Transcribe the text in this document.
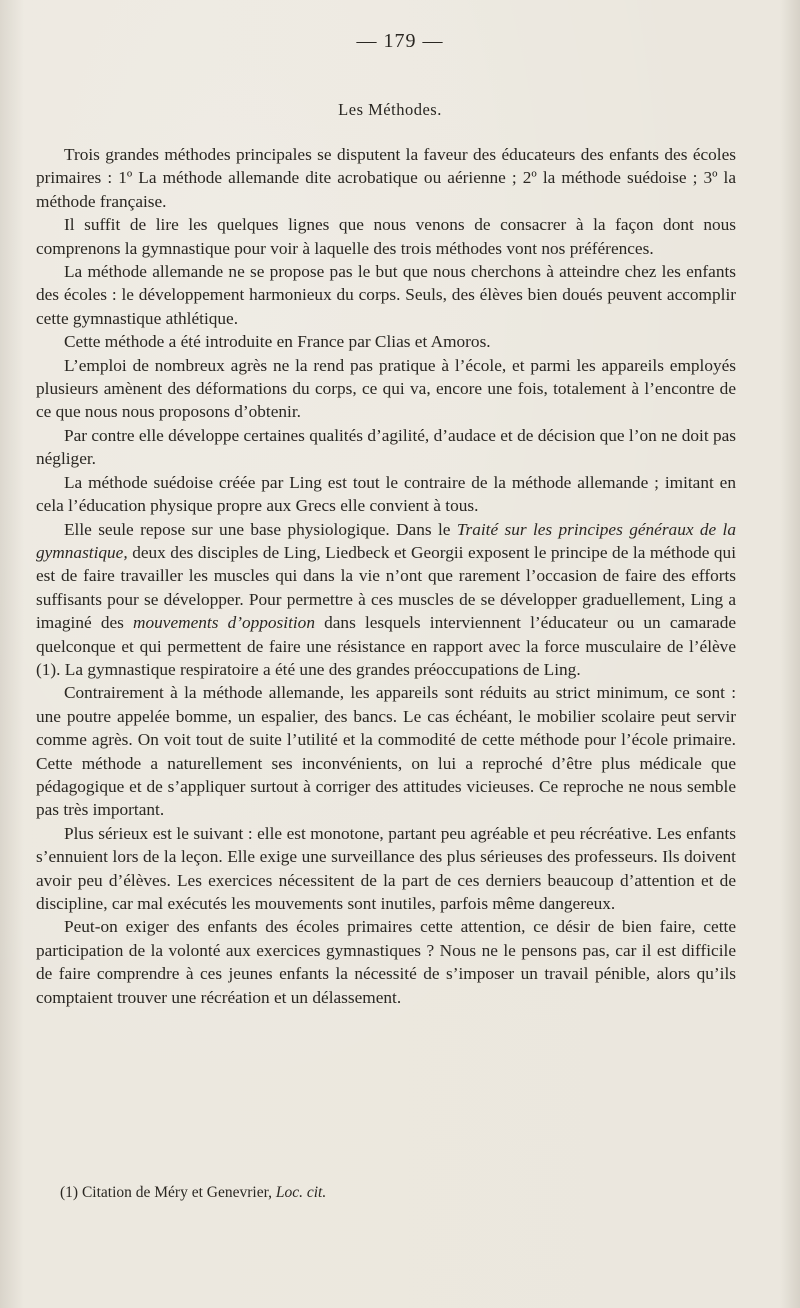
— 179 —
Les Méthodes.

Trois grandes méthodes principales se disputent la faveur des éducateurs des enfants des écoles primaires : 1º La méthode allemande dite acrobatique ou aérienne ; 2º la méthode suédoise ; 3º la méthode française.

Il suffit de lire les quelques lignes que nous venons de consacrer à la façon dont nous comprenons la gymnastique pour voir à laquelle des trois méthodes vont nos préférences.

La méthode allemande ne se propose pas le but que nous cherchons à atteindre chez les enfants des écoles : le développement harmonieux du corps. Seuls, des élèves bien doués peuvent accomplir cette gymnastique athlétique.

Cette méthode a été introduite en France par Clias et Amoros.

L’emploi de nombreux agrès ne la rend pas pratique à l’école, et parmi les appareils employés plusieurs amènent des déformations du corps, ce qui va, encore une fois, totalement à l’encontre de ce que nous nous proposons d’obtenir.

Par contre elle développe certaines qualités d’agilité, d’audace et de décision que l’on ne doit pas négliger.

La méthode suédoise créée par Ling est tout le contraire de la méthode allemande ; imitant en cela l’éducation physique propre aux Grecs elle convient à tous.

Elle seule repose sur une base physiologique. Dans le Traité sur les principes généraux de la gymnastique, deux des disciples de Ling, Liedbeck et Georgii exposent le principe de la méthode qui est de faire travailler les muscles qui dans la vie n’ont que rarement l’occasion de faire des efforts suffisants pour se développer. Pour permettre à ces muscles de se développer graduellement, Ling a imaginé des mouvements d’opposition dans lesquels interviennent l’éducateur ou un camarade quelconque et qui permettent de faire une résistance en rapport avec la force musculaire de l’élève (1). La gymnastique respiratoire a été une des grandes préoccupations de Ling.

Contrairement à la méthode allemande, les appareils sont réduits au strict minimum, ce sont : une poutre appelée bomme, un espalier, des bancs. Le cas échéant, le mobilier scolaire peut servir comme agrès. On voit tout de suite l’utilité et la commodité de cette méthode pour l’école primaire. Cette méthode a naturellement ses inconvénients, on lui a reproché d’être plus médicale que pédagogique et de s’appliquer surtout à corriger des attitudes vicieuses. Ce reproche ne nous semble pas très important.

Plus sérieux est le suivant : elle est monotone, partant peu agréable et peu récréative. Les enfants s’ennuient lors de la leçon. Elle exige une surveillance des plus sérieuses des professeurs. Ils doivent avoir peu d’élèves. Les exercices nécessitent de la part de ces derniers beaucoup d’attention et de discipline, car mal exécutés les mouvements sont inutiles, parfois même dangereux.

Peut-on exiger des enfants des écoles primaires cette attention, ce désir de bien faire, cette participation de la volonté aux exercices gymnastiques ? Nous ne le pensons pas, car il est difficile de faire comprendre à ces jeunes enfants la nécessité de s’imposer un travail pénible, alors qu’ils comptaient trouver une récréation et un délassement.

(1) Citation de Méry et Genevrier, Loc. cit.
